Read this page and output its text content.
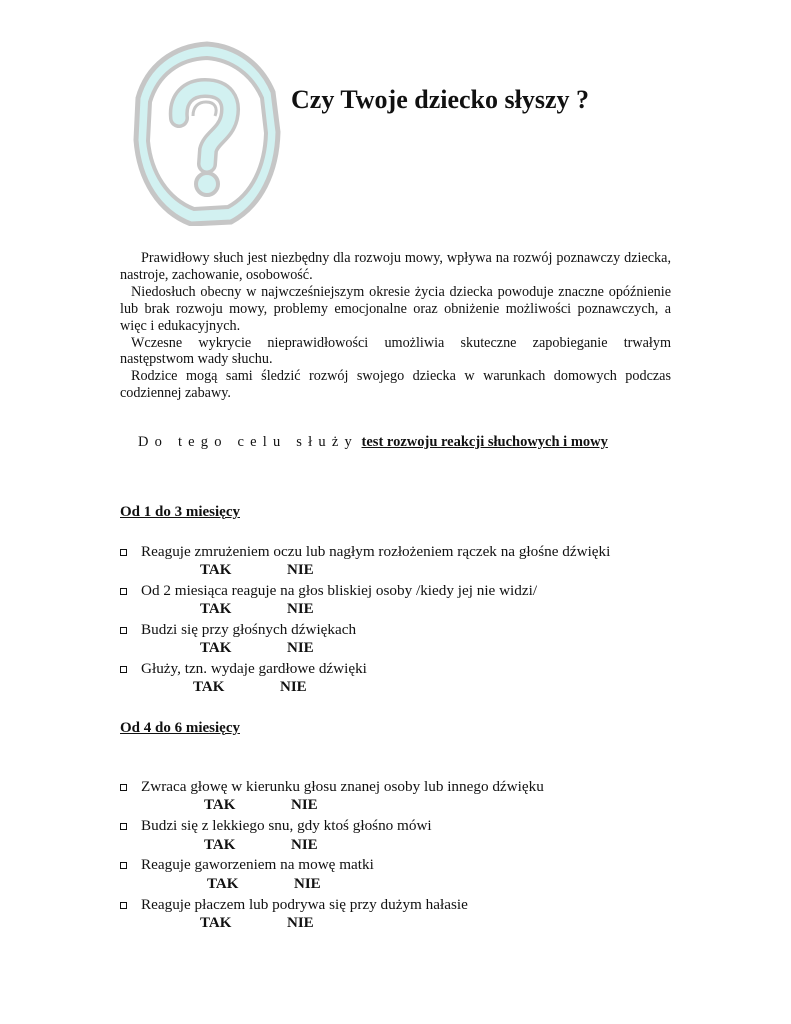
Czy Twoje dziecko słyszy ?

Prawidłowy słuch jest niezbędny dla rozwoju mowy, wpływa na rozwój poznawczy dziecka, nastroje, zachowanie, osobowość.

Niedosłuch obecny w najwcześniejszym okresie życia dziecka powoduje znaczne opóźnienie lub brak rozwoju mowy, problemy emocjonalne oraz obniżenie możliwości poznawczych, a więc i edukacyjnych.

Wczesne wykrycie nieprawidłowości umożliwia skuteczne zapobieganie trwałym następstwom wady słuchu.

Rodzice mogą sami śledzić rozwój swojego dziecka w warunkach domowych podczas codziennej zabawy.

Do tego celu służy test rozwoju reakcji słuchowych i mowy

Od 1 do 3 miesięcy
Reaguje zmrużeniem oczu lub nagłym rozłożeniem rączek na głośne dźwięki
TAK	NIE
Od 2 miesiąca reaguje na głos bliskiej osoby /kiedy jej nie widzi/
TAK	NIE
Budzi się przy głośnych dźwiękach
TAK	NIE
Głuży, tzn. wydaje gardłowe dźwięki
TAK	NIE
Od 4 do 6 miesięcy
Zwraca głowę w kierunku głosu znanej osoby lub innego dźwięku
TAK	NIE
Budzi się z lekkiego snu, gdy ktoś głośno mówi
TAK	NIE
Reaguje gaworzeniem na mowę matki
TAK	NIE
Reaguje płaczem lub podrywa się przy dużym hałasie
TAK	NIE
